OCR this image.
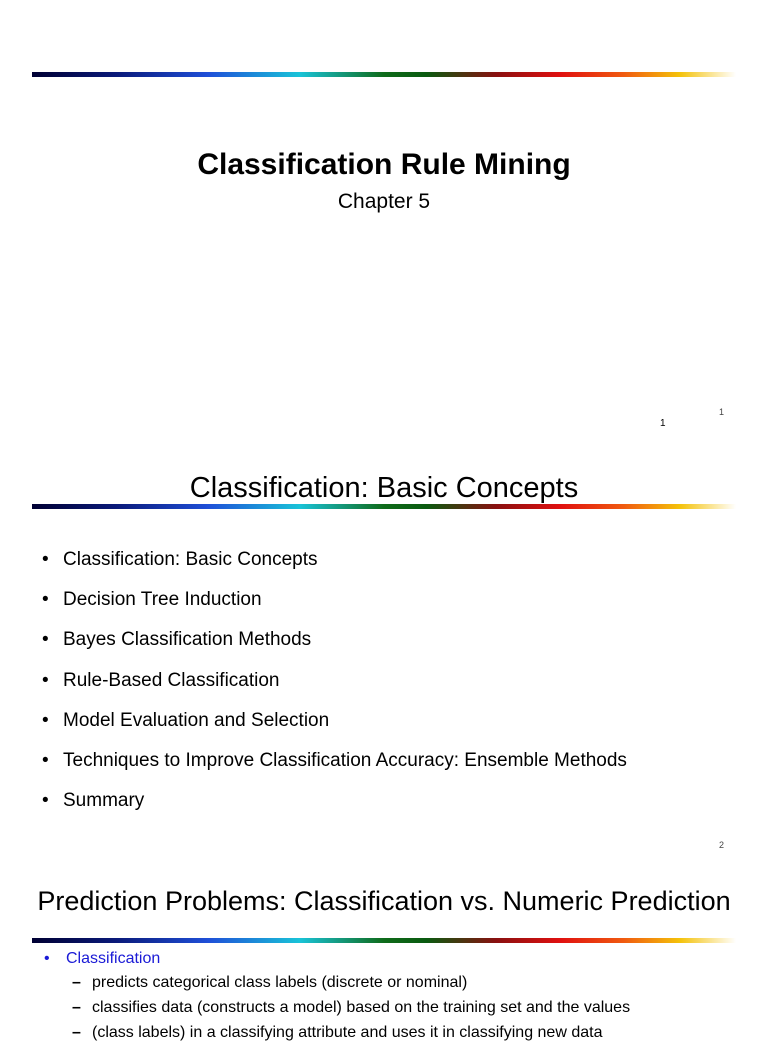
Classification Rule Mining
Chapter 5
1
1
Classification: Basic Concepts
• Classification: Basic Concepts
• Decision Tree Induction
• Bayes Classification Methods
• Rule-Based Classification
• Model Evaluation and Selection
• Techniques to Improve Classification Accuracy: Ensemble Methods
• Summary
2
Prediction Problems: Classification vs. Numeric Prediction
• Classification
– predicts categorical class labels (discrete or nominal)
– classifies data (constructs a model) based on the training set and the values
– (class labels) in a classifying attribute and uses it in classifying new data
